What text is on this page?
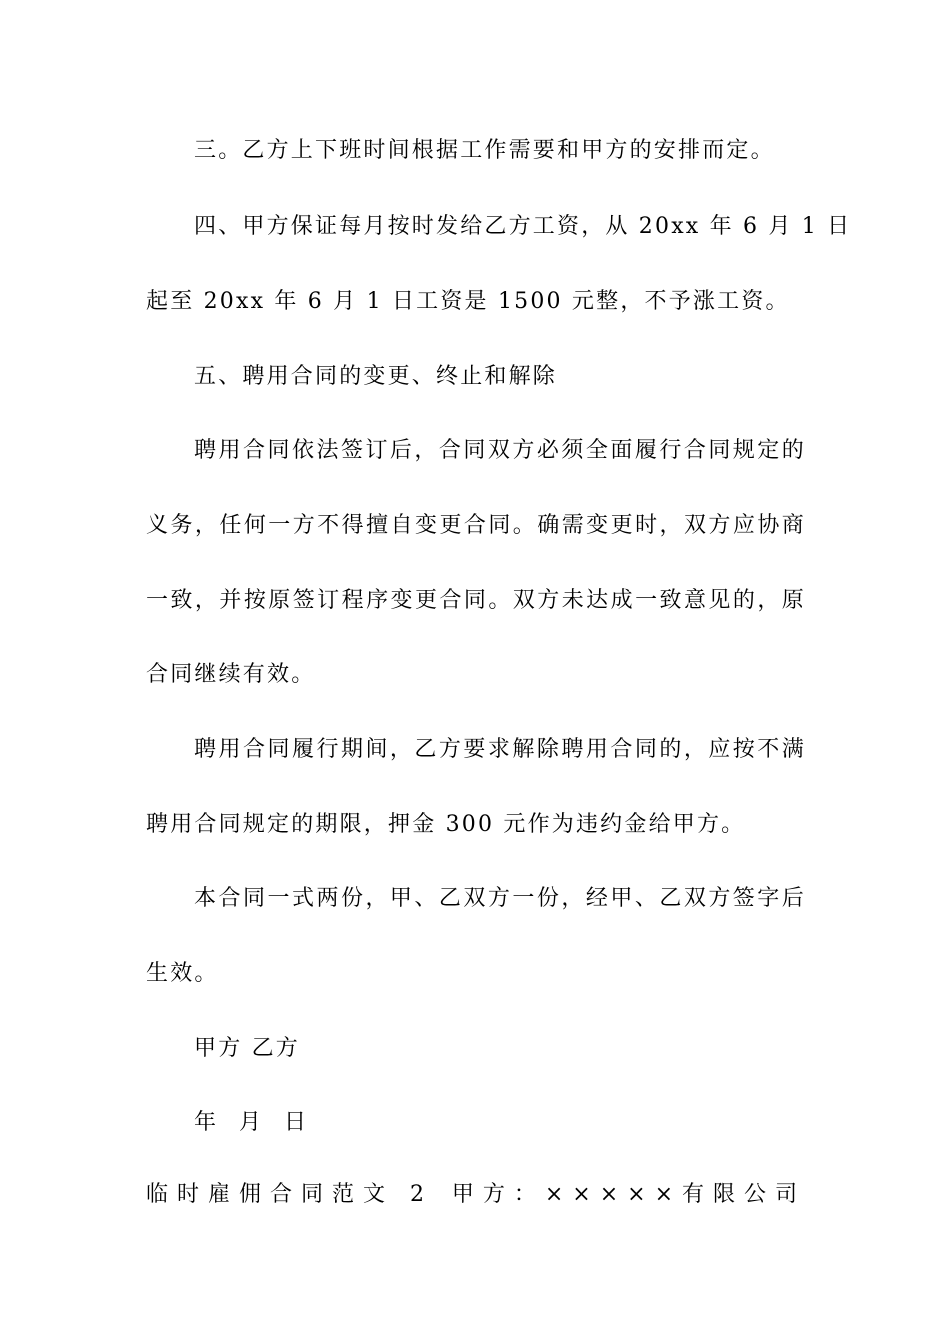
三。乙方上下班时间根据工作需要和甲方的安排而定。
四、甲方保证每月按时发给乙方工资，从 20xx 年 6 月 1 日
起至 20xx 年 6 月 1 日工资是 1500 元整，不予涨工资。
五、聘用合同的变更、终止和解除
聘用合同依法签订后，合同双方必须全面履行合同规定的
义务，任何一方不得擅自变更合同。确需变更时，双方应协商
一致，并按原签订程序变更合同。双方未达成一致意见的，原
合同继续有效。
聘用合同履行期间，乙方要求解除聘用合同的，应按不满
聘用合同规定的期限，押金 300 元作为违约金给甲方。
本合同一式两份，甲、乙双方一份，经甲、乙双方签字后
生效。
甲方 乙方
年 月 日
临时雇佣合同范文 2 甲方：×××××有限公司
